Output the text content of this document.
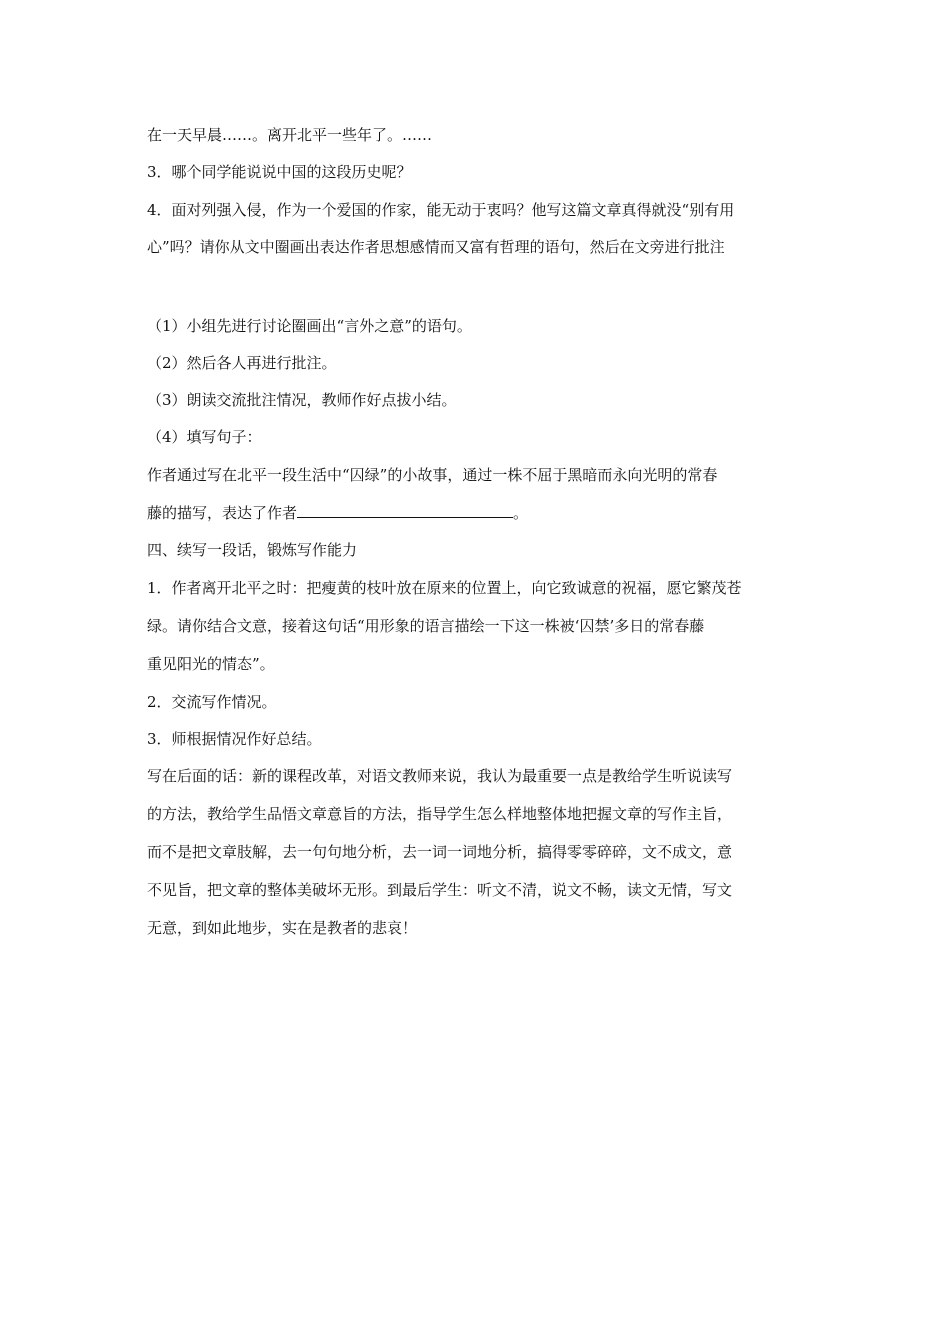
在一天早晨……。离开北平一些年了。……
3．哪个同学能说说中国的这段历史呢？
4．面对列强入侵，作为一个爱国的作家，能无动于衷吗？他写这篇文章真得就没“别有用
心”吗？请你从文中圈画出表达作者思想感情而又富有哲理的语句，然后在文旁进行批注
（1）小组先进行讨论圈画出“言外之意”的语句。
（2）然后各人再进行批注。
（3）朗读交流批注情况，教师作好点拔小结。
（4）填写句子：
作者通过写在北平一段生活中“囚绿”的小故事，通过一株不屈于黑暗而永向光明的常春
藤的描写，表达了作者	。
四、续写一段话，锻炼写作能力
1．作者离开北平之时：把瘦黄的枝叶放在原来的位置上，向它致诚意的祝福，愿它繁茂苍
绿。请你结合文意，接着这句话“用形象的语言描绘一下这一株被‘囚禁’多日的常春藤
重见阳光的情态”。
2．交流写作情况。
3．师根据情况作好总结。
写在后面的话：新的课程改革，对语文教师来说，我认为最重要一点是教给学生听说读写
的方法，教给学生品悟文章意旨的方法，指导学生怎么样地整体地把握文章的写作主旨，
而不是把文章肢解，去一句句地分析，去一词一词地分析，搞得零零碎碎，文不成文，意
不见旨，把文章的整体美破坏无形。到最后学生：听文不清，说文不畅，读文无情，写文
无意，到如此地步，实在是教者的悲哀！
